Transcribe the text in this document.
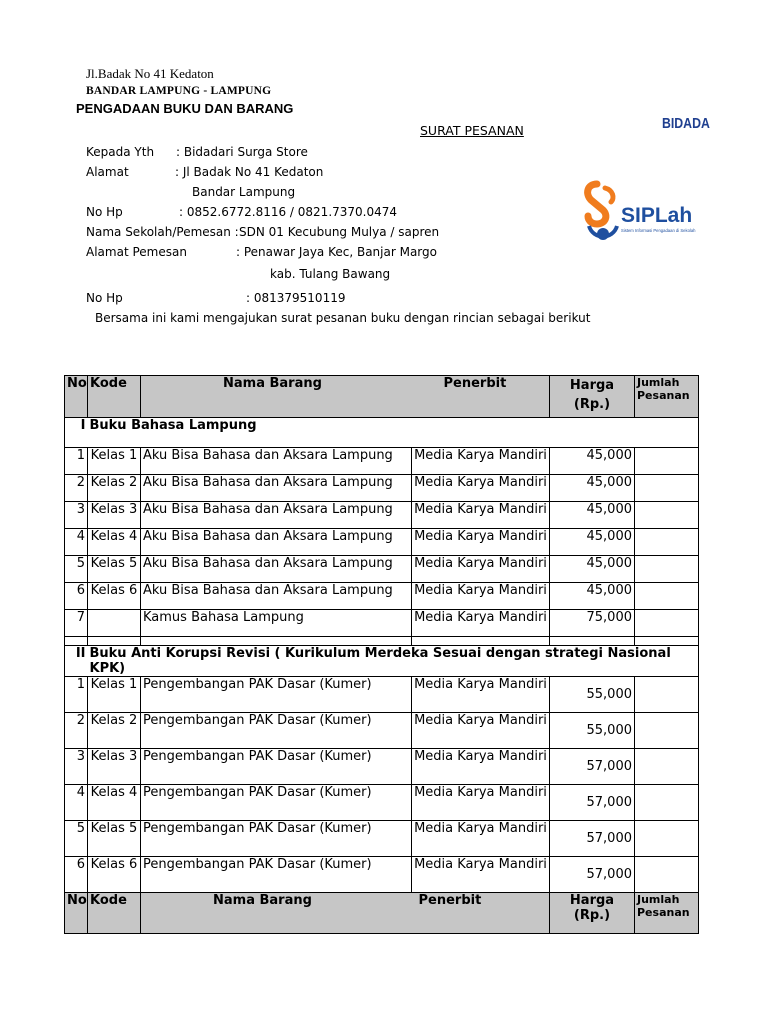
Jl.Badak No 41 Kedaton
BANDAR LAMPUNG - LAMPUNG
PENGADAAN BUKU DAN BARANG
SURAT PESANAN	BIDADA
SIPLah
Sistem Informasi Pengadaan di Sekolah
Kepada Yth : Bidadari Surga Store
Alamat	: Jl Badak No 41 Kedaton
Bandar Lampung
No Hp	: 0852.6772.8116 / 0821.7370.0474
Nama Sekolah/Pemesan : SDN 01 Kecubung Mulya / sapren
Alamat Pemesan	: Penawar Jaya Kec, Banjar Margo
kab. Tulang Bawang
No Hp	: 081379510119
Bersama ini kami mengajukan surat pesanan buku dengan rincian sebagai berikut
No	Kode	Nama Barang	Penerbit	Harga (Rp.)	Jumlah Pesanan
I	Buku Bahasa Lampung				
1	Kelas 1	Aku Bisa Bahasa dan Aksara Lampung	Media Karya Mandiri	45,000	
2	Kelas 2	Aku Bisa Bahasa dan Aksara Lampung	Media Karya Mandiri	45,000	
3	Kelas 3	Aku Bisa Bahasa dan Aksara Lampung	Media Karya Mandiri	45,000	
4	Kelas 4	Aku Bisa Bahasa dan Aksara Lampung	Media Karya Mandiri	45,000	
5	Kelas 5	Aku Bisa Bahasa dan Aksara Lampung	Media Karya Mandiri	45,000	
6	Kelas 6	Aku Bisa Bahasa dan Aksara Lampung	Media Karya Mandiri	45,000	
7		Kamus Bahasa Lampung	Media Karya Mandiri	75,000	

II	Buku Anti Korupsi Revisi ( Kurikulum Merdeka Sesuai dengan strategi Nasional KPK)				
1	Kelas 1	Pengembangan PAK Dasar (Kumer)	Media Karya Mandiri	55,000	
2	Kelas 2	Pengembangan PAK Dasar (Kumer)	Media Karya Mandiri	55,000	
3	Kelas 3	Pengembangan PAK Dasar (Kumer)	Media Karya Mandiri	57,000	
4	Kelas 4	Pengembangan PAK Dasar (Kumer)	Media Karya Mandiri	57,000	
5	Kelas 5	Pengembangan PAK Dasar (Kumer)	Media Karya Mandiri	57,000	
6	Kelas 6	Pengembangan PAK Dasar (Kumer)	Media Karya Mandiri	57,000	
No	Kode	Nama Barang	Penerbit	Harga (Rp.)	Jumlah Pesanan
